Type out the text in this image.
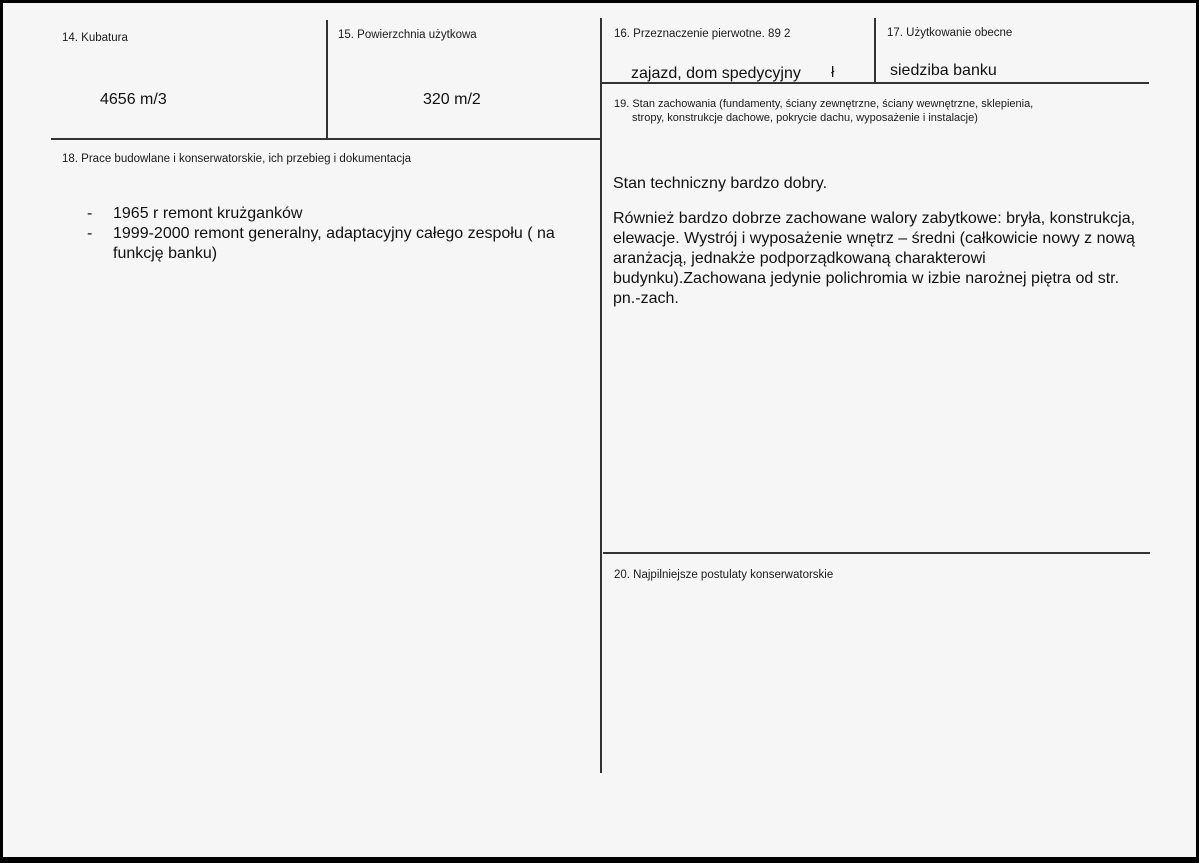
14. Kubatura
4656 m/3
15. Powierzchnia użytkowa
320 m/2
16. Przeznaczenie pierwotne. 89 2
zajazd, dom spedycyjny ł
17. Użytkowanie obecne
siedziba banku
18. Prace budowlane i konserwatorskie, ich przebieg i dokumentacja
- 1965 r remont krużganków
- 1999-2000 remont generalny, adaptacyjny całego zespołu ( na funkcję banku)
19. Stan zachowania (fundamenty, ściany zewnętrzne, ściany wewnętrzne, sklepienia,
stropy, konstrukcje dachowe, pokrycie dachu, wyposażenie i instalacje)
Stan techniczny bardzo dobry.
Również bardzo dobrze zachowane walory zabytkowe: bryła, konstrukcja, elewacje. Wystrój i wyposażenie wnętrz – średni (całkowicie nowy z nową aranżacją, jednakże podporządkowaną charakterowi budynku).Zachowana jedynie polichromia w izbie narożnej piętra od str. pn.-zach.
20. Najpilniejsze postulaty konserwatorskie
